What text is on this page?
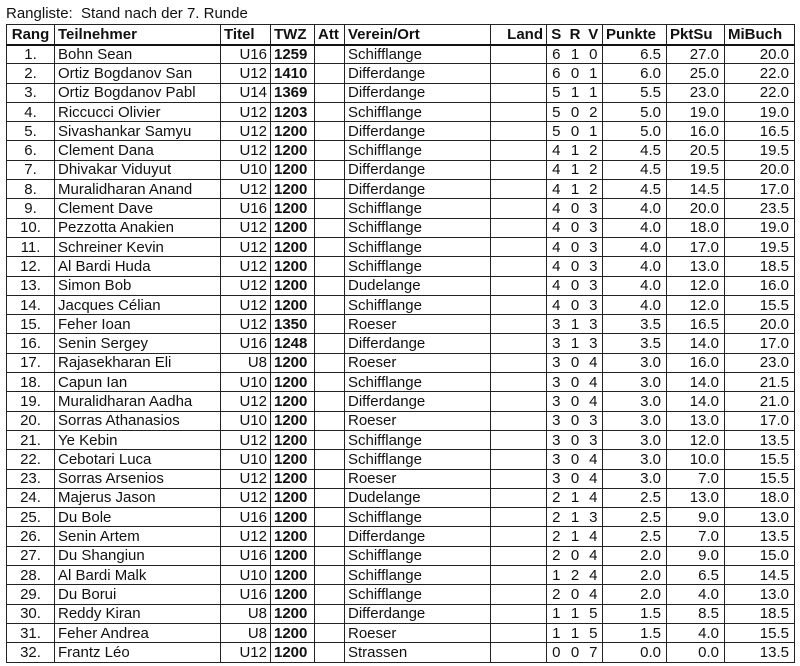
Rangliste:  Stand nach der 7. Runde
Rang	Teilnehmer	Titel	TWZ	Att	Verein/Ort	Land	S	R	V	Punkte	PktSu	MiBuch
1.	Bohn Sean	U16	1259		Schifflange		6	1	0	6.5	27.0	20.0
2.	Ortiz Bogdanov San	U12	1410		Differdange		6	0	1	6.0	25.0	22.0
3.	Ortiz Bogdanov Pabl	U14	1369		Differdange		5	1	1	5.5	23.0	22.0
4.	Riccucci Olivier	U12	1203		Schifflange		5	0	2	5.0	19.0	19.0
5.	Sivashankar Samyu	U12	1200		Differdange		5	0	1	5.0	16.0	16.5
6.	Clement Dana	U12	1200		Schifflange		4	1	2	4.5	20.5	19.5
7.	Dhivakar Viduyut	U10	1200		Differdange		4	1	2	4.5	19.5	20.0
8.	Muralidharan Anand	U12	1200		Differdange		4	1	2	4.5	14.5	17.0
9.	Clement Dave	U16	1200		Schifflange		4	0	3	4.0	20.0	23.5
10.	Pezzotta Anakien	U12	1200		Schifflange		4	0	3	4.0	18.0	19.0
11.	Schreiner Kevin	U12	1200		Schifflange		4	0	3	4.0	17.0	19.5
12.	Al Bardi Huda	U12	1200		Schifflange		4	0	3	4.0	13.0	18.5
13.	Simon Bob	U12	1200		Dudelange		4	0	3	4.0	12.0	16.0
14.	Jacques Célian	U12	1200		Schifflange		4	0	3	4.0	12.0	15.5
15.	Feher Ioan	U12	1350		Roeser		3	1	3	3.5	16.5	20.0
16.	Senin Sergey	U16	1248		Differdange		3	1	3	3.5	14.0	17.0
17.	Rajasekharan Eli	U8	1200		Roeser		3	0	4	3.0	16.0	23.0
18.	Capun Ian	U10	1200		Schifflange		3	0	4	3.0	14.0	21.5
19.	Muralidharan Aadha	U12	1200		Differdange		3	0	4	3.0	14.0	21.0
20.	Sorras Athanasios	U10	1200		Roeser		3	0	3	3.0	13.0	17.0
21.	Ye Kebin	U12	1200		Schifflange		3	0	3	3.0	12.0	13.5
22.	Cebotari Luca	U10	1200		Schifflange		3	0	4	3.0	10.0	15.5
23.	Sorras Arsenios	U12	1200		Roeser		3	0	4	3.0	7.0	15.5
24.	Majerus Jason	U12	1200		Dudelange		2	1	4	2.5	13.0	18.0
25.	Du Bole	U16	1200		Schifflange		2	1	3	2.5	9.0	13.0
26.	Senin Artem	U12	1200		Differdange		2	1	4	2.5	7.0	13.5
27.	Du Shangiun	U16	1200		Schifflange		2	0	4	2.0	9.0	15.0
28.	Al Bardi Malk	U10	1200		Schifflange		1	2	4	2.0	6.5	14.5
29.	Du Borui	U16	1200		Schifflange		2	0	4	2.0	4.0	13.0
30.	Reddy Kiran	U8	1200		Differdange		1	1	5	1.5	8.5	18.5
31.	Feher Andrea	U8	1200		Roeser		1	1	5	1.5	4.0	15.5
32.	Frantz Léo	U12	1200		Strassen		0	0	7	0.0	0.0	13.5
